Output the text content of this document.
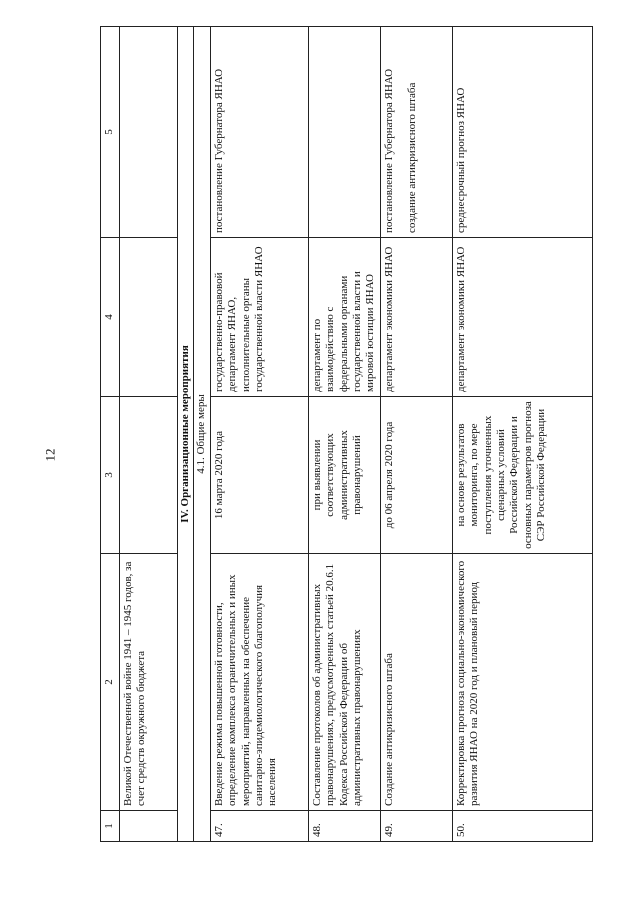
12
1	2	3	4	5
	Великой Отечественной войне 1941 – 1945 годов, за счет средств окружного бюджета			
IV. Организационные мероприятия				
4.1. Общие меры				
47.	Введение режима повышенной готовности, определение комплекса ограничительных и иных мероприятий, направленных на обеспечение санитарно-эпидемиологического благополучия населения	16 марта 2020 года	государственно-правовой департамент ЯНАО, исполнительные органы государственной власти ЯНАО	постановление Губернатора ЯНАО
48.	Составление протоколов об административных правонарушениях, предусмотренных статьей 20.6.1 Кодекса Российской Федерации об административных правонарушениях	при выявлении соответствующих административных правонарушений	департамент по взаимодействию с федеральными органами государственной власти и мировой юстиции ЯНАО	
49.	Создание антикризисного штаба	до 06 апреля 2020 года	департамент экономики ЯНАО	постановление Губернатора ЯНАО создание антикризисного штаба
50.	Корректировка прогноза социально-экономического развития ЯНАО на 2020 год и плановый период	на основе результатов мониторинга, по мере поступления уточненных сценарных условий Российской Федерации и основных параметров прогноза СЭР Российской Федерации	департамент экономики ЯНАО	среднесрочный прогноз ЯНАО
